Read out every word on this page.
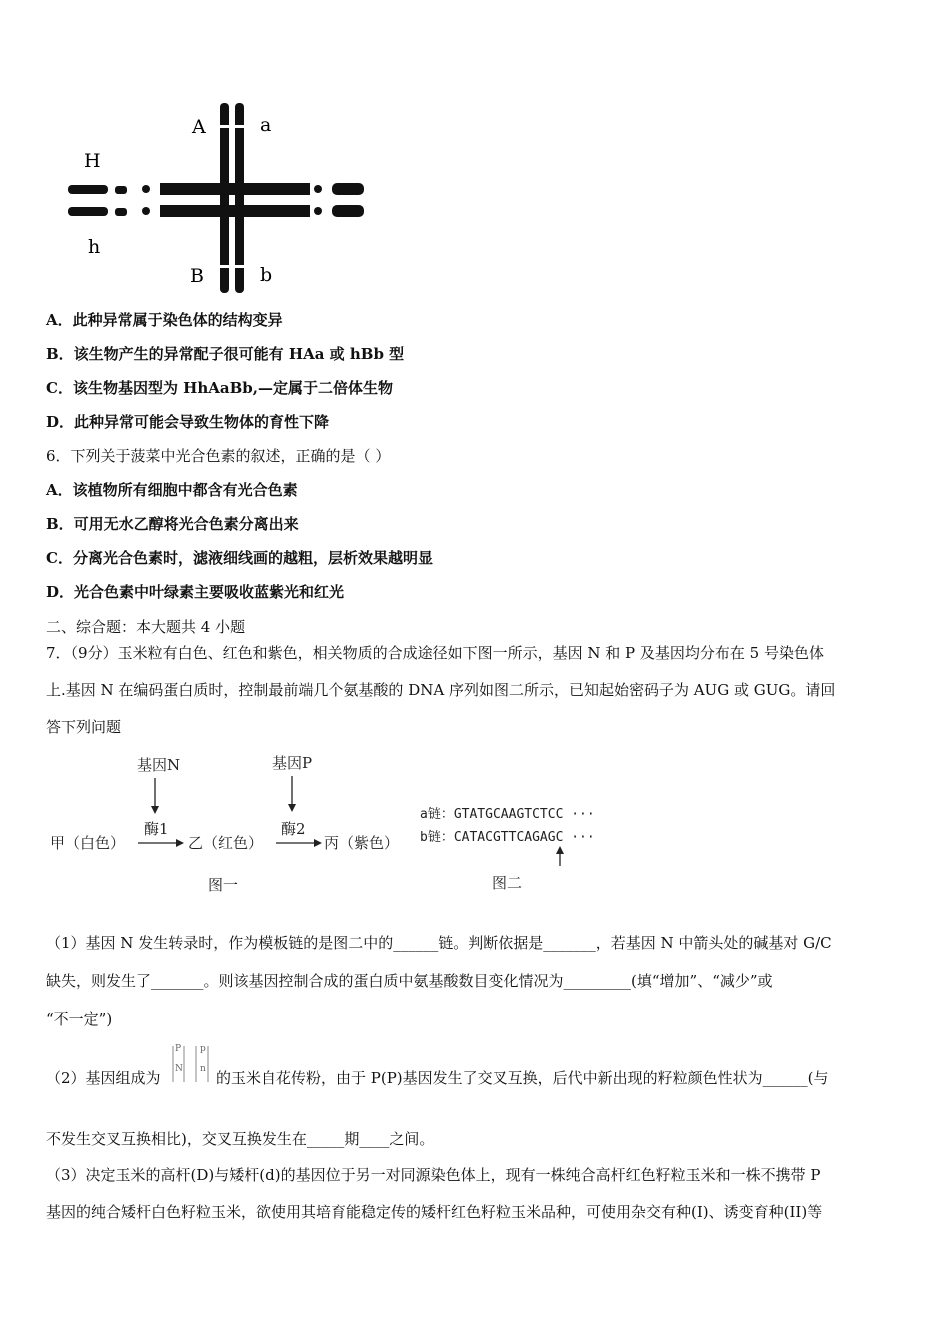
A	a
H
h
B	b
A．此种异常属于染色体的结构变异
B．该生物产生的异常配子很可能有 HAa 或 hBb 型
C．该生物基因型为 HhAaBb,—定属于二倍体生物
D．此种异常可能会导致生物体的育性下降
6．下列关于菠菜中光合色素的叙述，正确的是（ ）
A．该植物所有细胞中都含有光合色素
B．可用无水乙醇将光合色素分离出来
C．分离光合色素时，滤液细线画的越粗，层析效果越明显
D．光合色素中叶绿素主要吸收蓝紫光和红光
二、综合题：本大题共 4 小题
7．（9分）玉米粒有白色、红色和紫色，相关物质的合成途径如下图一所示，基因 N 和 P 及基因均分布在 5 号染色体
上.基因 N 在编码蛋白质时，控制最前端几个氨基酸的 DNA 序列如图二所示，已知起始密码子为 AUG 或 GUG。请回
答下列问题
基因N	基因P
酶1	酶2
甲（白色）	乙（红色）	丙（紫色）
图一
a链：GTATGCAAGTCTCC ···
b链：CATACGTTCAGAGC ···
图二
（1）基因 N 发生转录时，作为模板链的是图二中的______链。判断依据是_______，若基因 N 中箭头处的碱基对 G/C
缺失，则发生了_______。则该基因控制合成的蛋白质中氨基酸数目变化情况为_________(填“增加”、“减少”或
“不一定”)
（2）基因组成为
P
N
p
n 的玉米自花传粉，由于 P(P)基因发生了交叉互换，后代中新出现的籽粒颜色性状为______(与
不发生交叉互换相比)，交叉互换发生在_____期____之间。
（3）决定玉米的高杆(D)与矮杆(d)的基因位于另一对同源染色体上，现有一株纯合高杆红色籽粒玉米和一株不携带 P
基因的纯合矮杆白色籽粒玉米，欲使用其培育能稳定传的矮杆红色籽粒玉米品种，可使用杂交有种(I)、诱变育种(II)等
